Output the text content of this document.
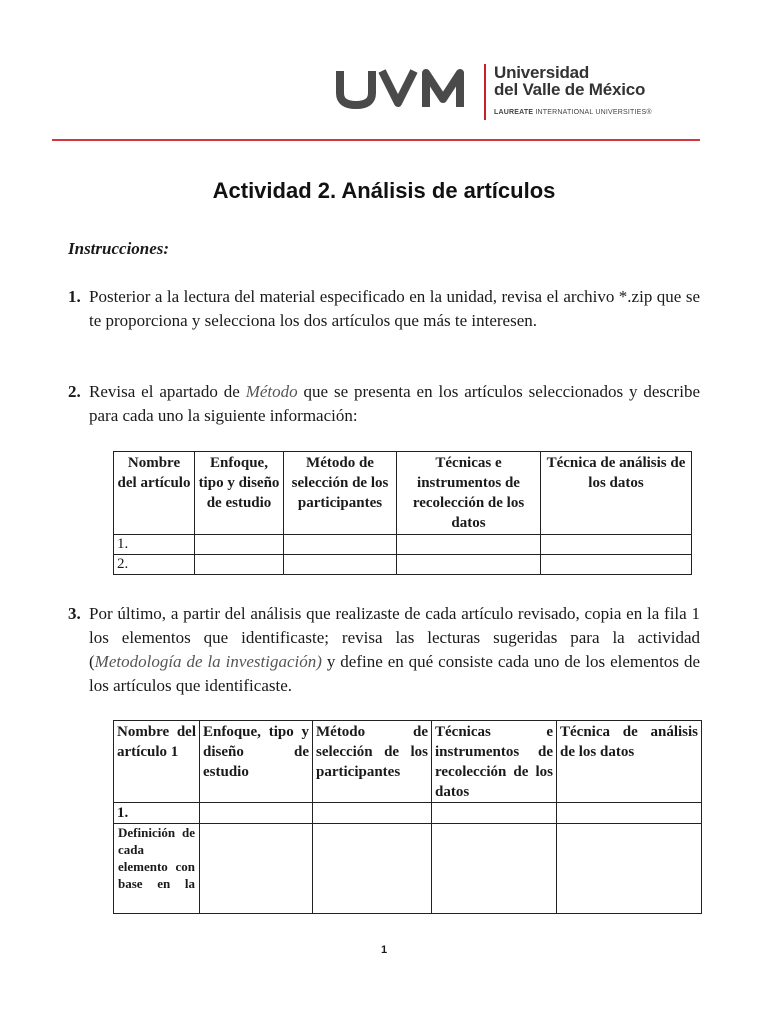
Universidad
del Valle de México
LAUREATE INTERNATIONAL UNIVERSITIES®
Actividad 2. Análisis de artículos
Instrucciones:
1. Posterior a la lectura del material especificado en la unidad, revisa el archivo *.zip que se te proporciona y selecciona los dos artículos que más te interesen.
2. Revisa el apartado de Método que se presenta en los artículos seleccionados y describe para cada uno la siguiente información:
Nombre del artículo	Enfoque, tipo y diseño de estudio	Método de selección de los participantes	Técnicas e instrumentos de recolección de los datos	Técnica de análisis de los datos
1.				
2.				
3. Por último, a partir del análisis que realizaste de cada artículo revisado, copia en la fila 1 los elementos que identificaste; revisa las lecturas sugeridas para la actividad (Metodología de la investigación) y define en qué consiste cada uno de los elementos de los artículos que identificaste.
Nombre del artículo 1	Enfoque, tipo y diseño de estudio	Método de selección de los participantes	Técnicas e instrumentos de recolección de los datos	Técnica de análisis de los datos
1.				
Definición de cada elemento con base en la				
1
